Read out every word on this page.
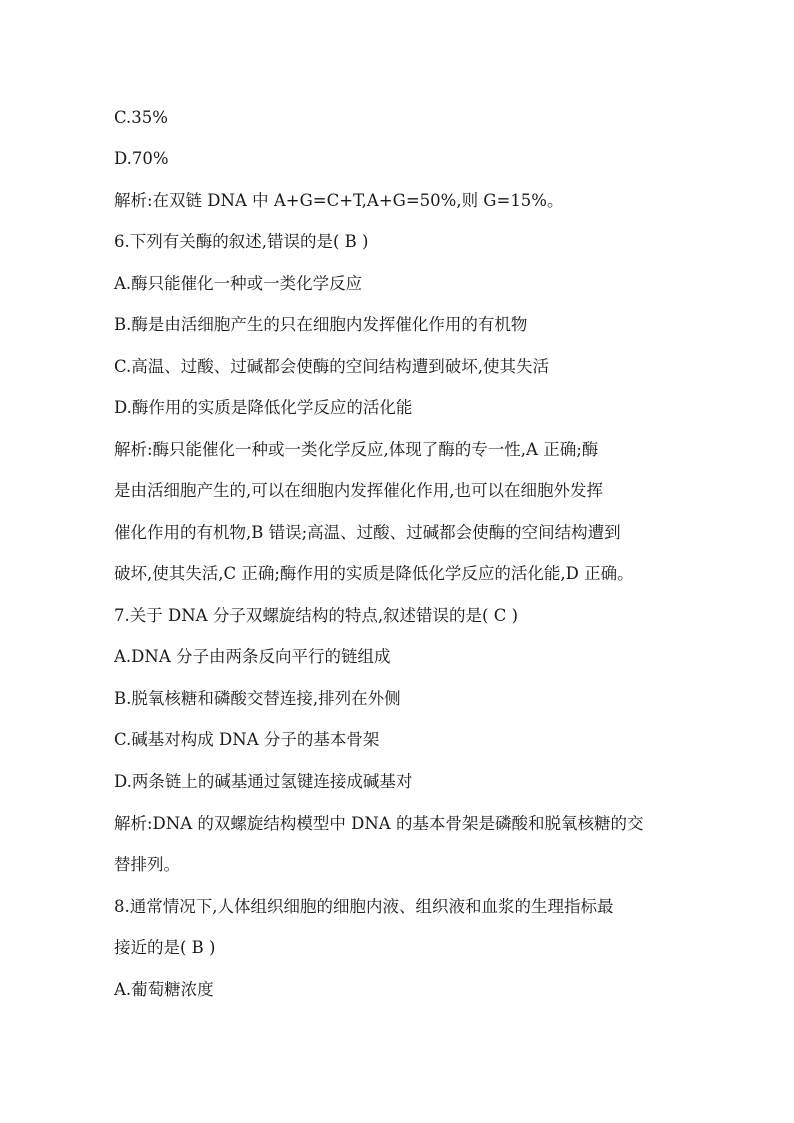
C.35%
D.70%
解析:在双链 DNA 中 A+G=C+T,A+G=50%,则 G=15%。
6.下列有关酶的叙述,错误的是( B )
A.酶只能催化一种或一类化学反应
B.酶是由活细胞产生的只在细胞内发挥催化作用的有机物
C.高温、过酸、过碱都会使酶的空间结构遭到破坏,使其失活
D.酶作用的实质是降低化学反应的活化能
解析:酶只能催化一种或一类化学反应,体现了酶的专一性,A 正确;酶
是由活细胞产生的,可以在细胞内发挥催化作用,也可以在细胞外发挥
催化作用的有机物,B 错误;高温、过酸、过碱都会使酶的空间结构遭到
破坏,使其失活,C 正确;酶作用的实质是降低化学反应的活化能,D 正确。
7.关于 DNA 分子双螺旋结构的特点,叙述错误的是( C )
A.DNA 分子由两条反向平行的链组成
B.脱氧核糖和磷酸交替连接,排列在外侧
C.碱基对构成 DNA 分子的基本骨架
D.两条链上的碱基通过氢键连接成碱基对
解析:DNA 的双螺旋结构模型中 DNA 的基本骨架是磷酸和脱氧核糖的交
替排列。
8.通常情况下,人体组织细胞的细胞内液、组织液和血浆的生理指标最
接近的是( B )
A.葡萄糖浓度
